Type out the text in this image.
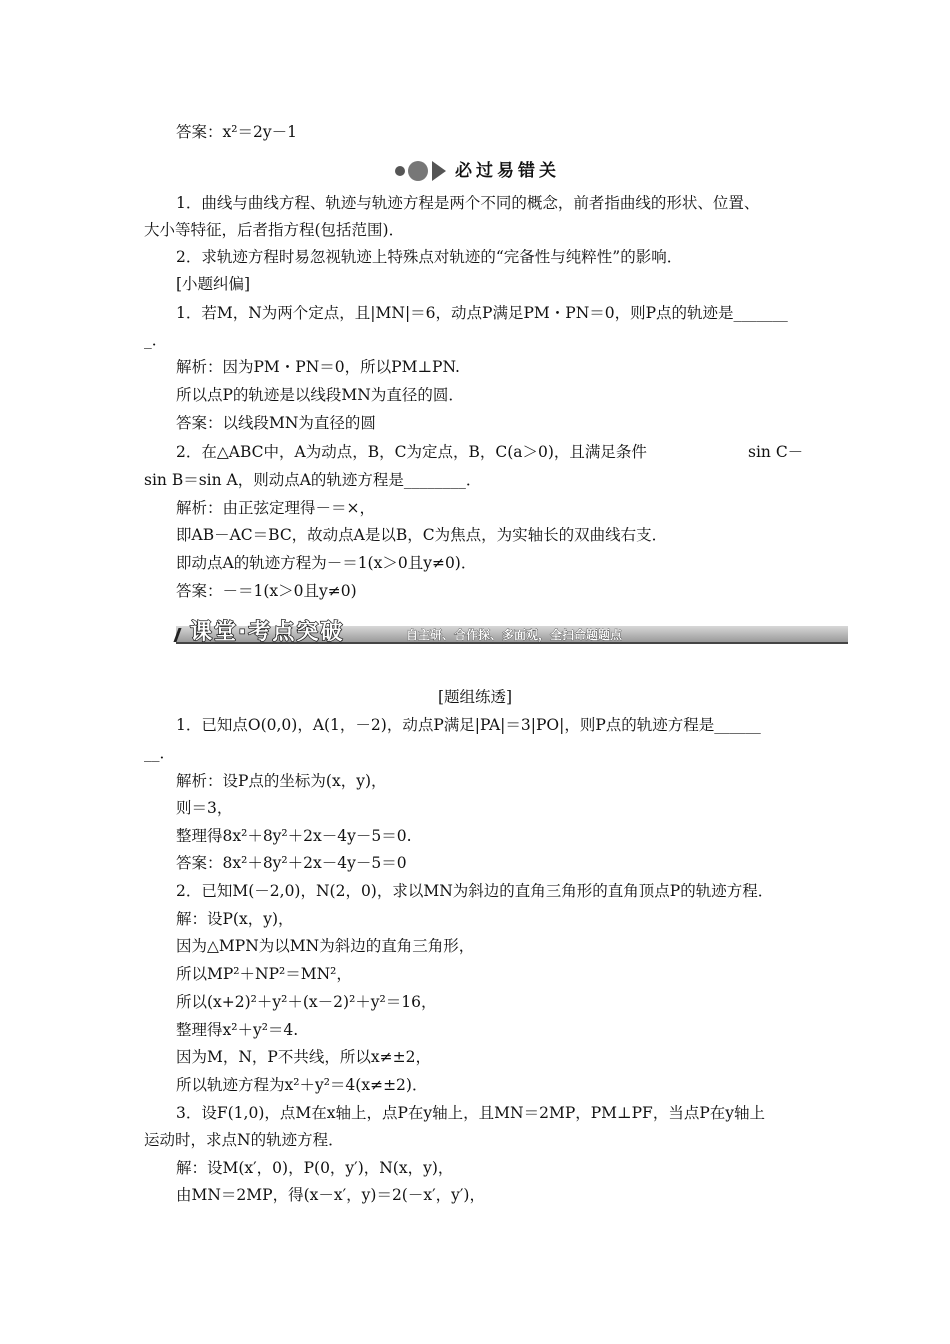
答案：x²＝2y－1
必过易错关
1．曲线与曲线方程、轨迹与轨迹方程是两个不同的概念，前者指曲线的形状、位置、
大小等特征，后者指方程(包括范围)．
2．求轨迹方程时易忽视轨迹上特殊点对轨迹的“完备性与纯粹性”的影响．
[小题纠偏]
1．若M，N为两个定点，且|MN|＝6，动点P满足PM・PN＝0，则P点的轨迹是_______
_．
解析：因为PM・PN＝0，所以PM⊥PN.
所以点P的轨迹是以线段MN为直径的圆．
答案：以线段MN为直径的圆
2．在△ABC中，A为动点，B，C为定点，B，C(a＞0)，且满足条件	sin C－
sin B＝sin A，则动点A的轨迹方程是________．
解析：由正弦定理得－＝×，
即AB－AC＝BC，故动点A是以B，C为焦点，为实轴长的双曲线右支．
即动点A的轨迹方程为－＝1(x＞0且y≠0)．
答案：－＝1(x＞0且y≠0)
课堂·考点突破	自主研、合作探、多面观，全扫命题题点
[题组练透]
1．已知点O(0,0)，A(1，－2)，动点P满足|PA|＝3|PO|，则P点的轨迹方程是______
__．
解析：设P点的坐标为(x，y)，
则＝3，
整理得8x²＋8y²＋2x－4y－5＝0.
答案：8x²＋8y²＋2x－4y－5＝0
2．已知M(－2,0)，N(2，0)，求以MN为斜边的直角三角形的直角顶点P的轨迹方程．
解：设P(x，y)，
因为△MPN为以MN为斜边的直角三角形，
所以MP²＋NP²＝MN²，
所以(x+2)²＋y²＋(x－2)²＋y²＝16，
整理得x²＋y²＝4.
因为M，N，P不共线，所以x≠±2，
所以轨迹方程为x²＋y²＝4(x≠±2)．
3．设F(1,0)，点M在x轴上，点P在y轴上，且MN＝2MP，PM⊥PF，当点P在y轴上
运动时，求点N的轨迹方程．
解：设M(x′，0)，P(0，y′)，N(x，y)，
由MN＝2MP，得(x－x′，y)＝2(－x′，y′)，
